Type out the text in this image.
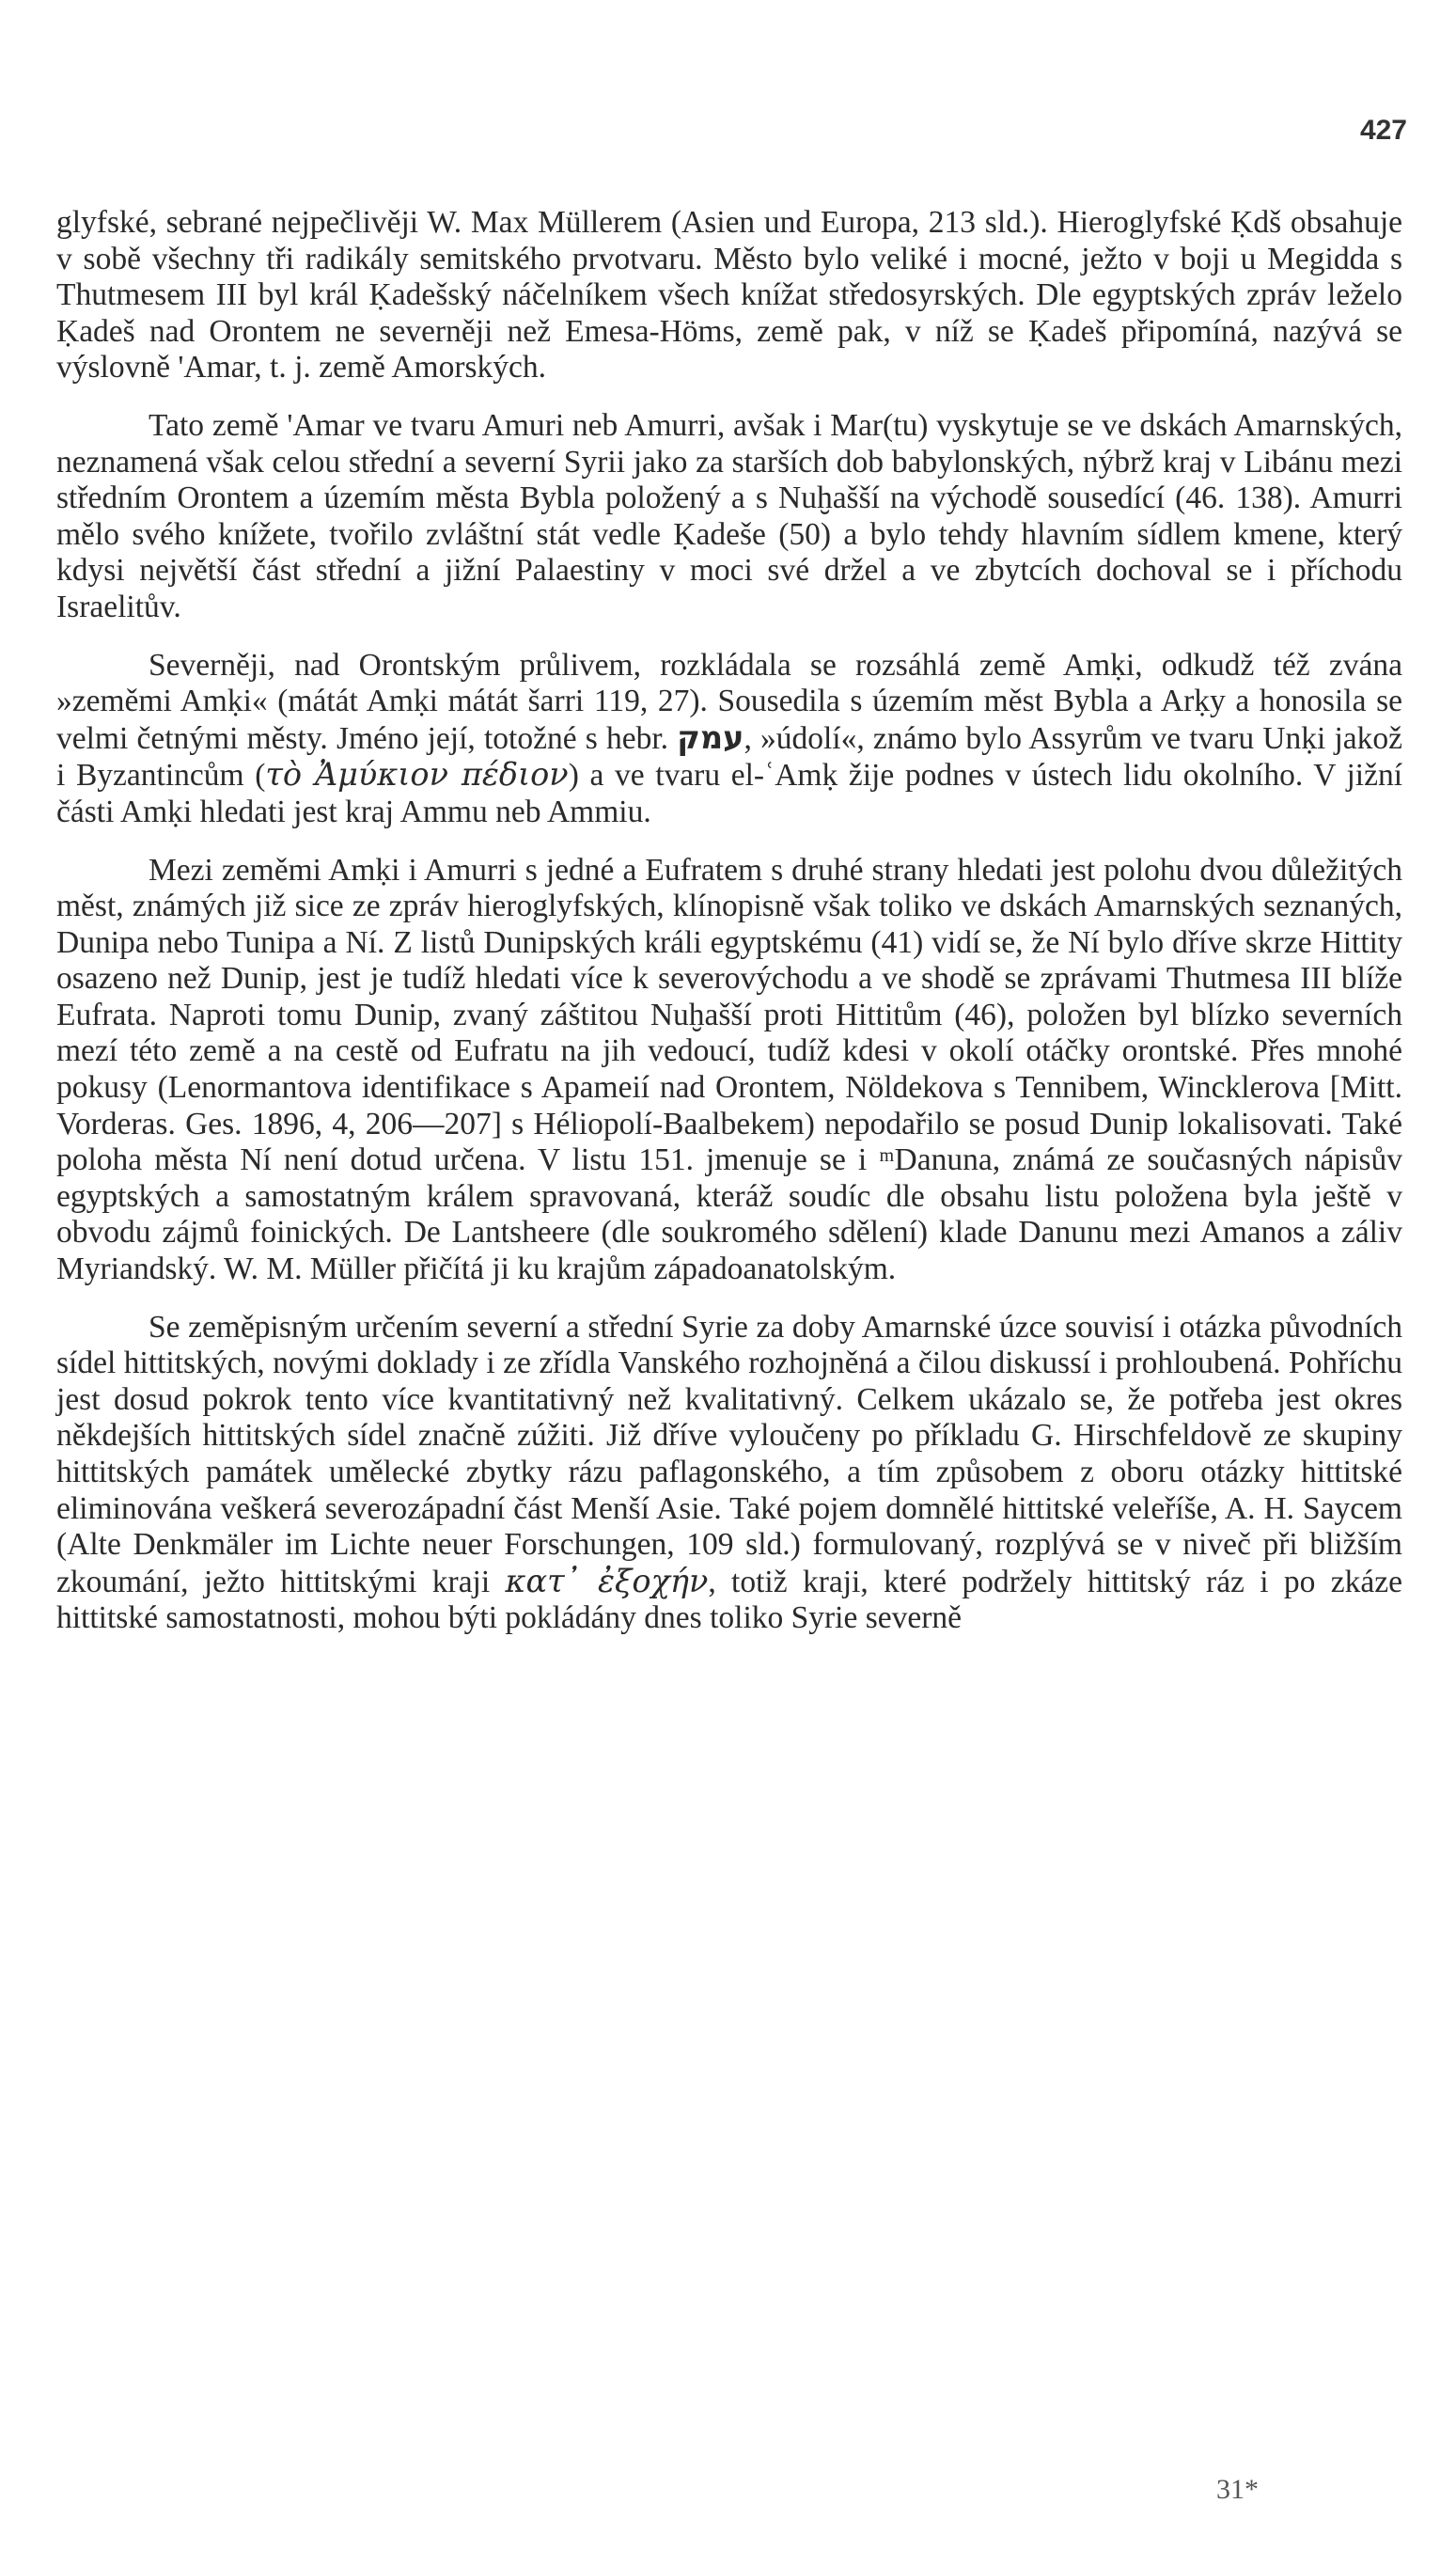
427

glyfské, sebrané nejpečlivěji W. Max Müllerem (Asien und Europa, 213 sld.). Hieroglyfské Ḳdš obsahuje v sobě všechny tři radikály semitského prvotvaru. Město bylo veliké i mocné, ježto v boji u Megidda s Thutmesem III byl král Ḳadešský náčelníkem všech knížat středosyrských. Dle egyptských zpráv leželo Ḳadeš nad Orontem ne severněji než Emesa-Höms, země pak, v níž se Ḳadeš připomíná, nazývá se výslovně 'Amar, t. j. země Amorských.

Tato země 'Amar ve tvaru Amuri neb Amurri, avšak i Mar(tu) vyskytuje se ve dskách Amarnských, neznamená však celou střední a severní Syrii jako za starších dob babylonských, nýbrž kraj v Libánu mezi středním Orontem a územím města Bybla položený a s Nuḫašší na východě sousedící (46. 138). Amurri mělo svého knížete, tvořilo zvláštní stát vedle Ḳadeše (50) a bylo tehdy hlavním sídlem kmene, který kdysi největší část střední a jižní Palaestiny v moci své držel a ve zbytcích dochoval se i příchodu Israelitův.

Severněji, nad Orontským průlivem, rozkládala se rozsáhlá země Amḳi, odkudž též zvána »zeměmi Amḳi« (mátát Amḳi mátát šarri 119, 27). Sousedila s územím měst Bybla a Arḳy a honosila se velmi četnými městy. Jméno její, totožné s hebr. עמק, »údolí«, známo bylo Assyrům ve tvaru Unḳi jakož i Byzantincům (τὸ Ἀμύκιον πέδιον) a ve tvaru el-ʿAmḳ žije podnes v ústech lidu okolního. V jižní části Amḳi hledati jest kraj Ammu neb Ammiu.

Mezi zeměmi Amḳi i Amurri s jedné a Eufratem s druhé strany hledati jest polohu dvou důležitých měst, známých již sice ze zpráv hieroglyfských, klínopisně však toliko ve dskách Amarnských seznaných, Dunipa nebo Tunipa a Ní. Z listů Dunipských králi egyptskému (41) vidí se, že Ní bylo dříve skrze Hittity osazeno než Dunip, jest je tudíž hledati více k severovýchodu a ve shodě se zprávami Thutmesa III blíže Eufrata. Naproti tomu Dunip, zvaný záštitou Nuḫašší proti Hittitům (46), položen byl blízko severních mezí této země a na cestě od Eufratu na jih vedoucí, tudíž kdesi v okolí otáčky orontské. Přes mnohé pokusy (Lenormantova identifikace s Apameií nad Orontem, Nöldekova s Tennibem, Wincklerova [Mitt. Vorderas. Ges. 1896, 4, 206—207] s Héliopolí-Baalbekem) nepodařilo se posud Dunip lokalisovati. Také poloha města Ní není dotud určena. V listu 151. jmenuje se i ᵐDanuna, známá ze současných nápisův egyptských a samostatným králem spravovaná, kteráž soudíc dle obsahu listu položena byla ještě v obvodu zájmů foinických. De Lantsheere (dle soukromého sdělení) klade Danunu mezi Amanos a záliv Myriandský. W. M. Müller přičítá ji ku krajům západoanatolským.

Se zeměpisným určením severní a střední Syrie za doby Amarnské úzce souvisí i otázka původních sídel hittitských, novými doklady i ze zřídla Vanského rozhojněná a čilou diskussí i prohloubená. Pohříchu jest dosud pokrok tento více kvantitativný než kvalitativný. Celkem ukázalo se, že potřeba jest okres někdejších hittitských sídel značně zúžiti. Již dříve vyloučeny po příkladu G. Hirschfeldově ze skupiny hittitských památek umělecké zbytky rázu paflagonského, a tím způsobem z oboru otázky hittitské eliminována veškerá severozápadní část Menší Asie. Také pojem domnělé hittitské veleříše, A. H. Saycem (Alte Denkmäler im Lichte neuer Forschungen, 109 sld.) formulovaný, rozplývá se v niveč při bližším zkoumání, ježto hittitskými kraji κατ᾿ ἐξοχήν, totiž kraji, které podržely hittitský ráz i po zkáze hittitské samostatnosti, mohou býti pokládány dnes toliko Syrie severně

31*
